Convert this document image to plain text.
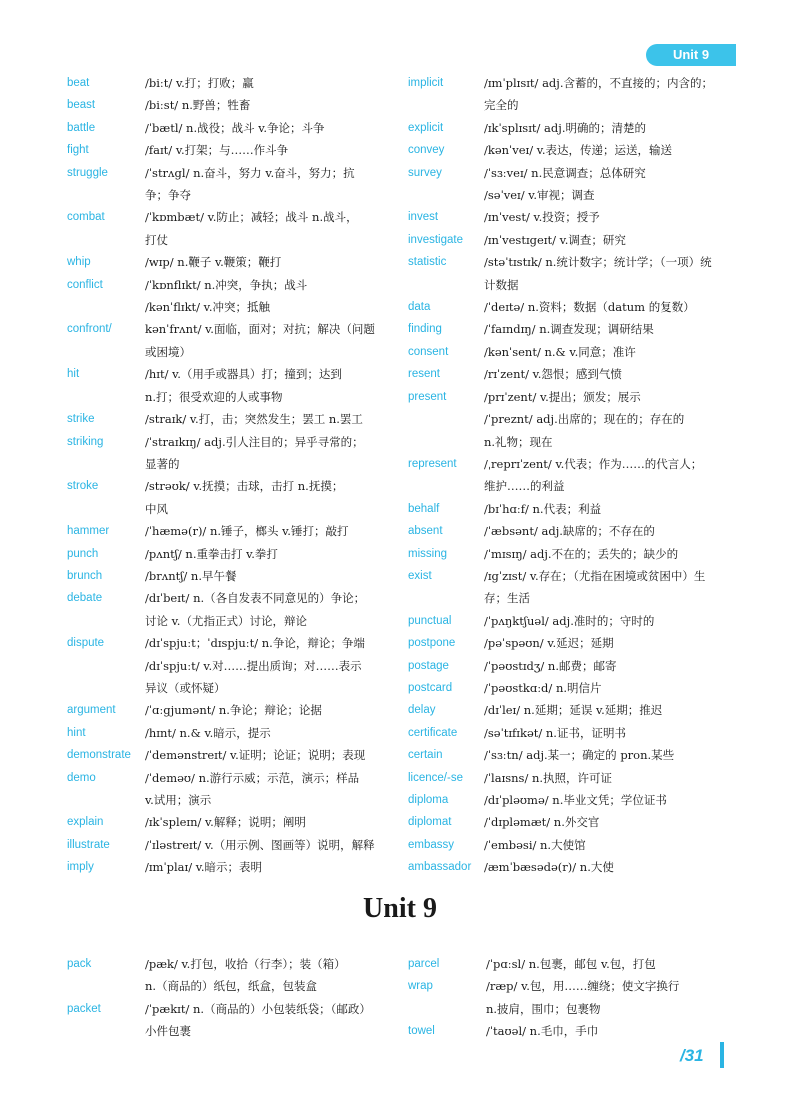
Unit 9
beat	/biːt/ v.打；打败；赢
beast	/biːst/ n.野兽；牲畜
battle	/ˈbætl/ n.战役；战斗 v.争论；斗争
fight	/faɪt/ v.打架；与……作斗争
struggle	/ˈstrʌgl/ n.奋斗，努力 v.奋斗，努力；抗
争；争夺
combat	/ˈkɒmbæt/ v.防止；减轻；战斗 n.战斗，
打仗
whip	/wɪp/ n.鞭子 v.鞭策；鞭打
conflict	/ˈkɒnflɪkt/ n.冲突，争执；战斗
/kənˈflɪkt/ v.冲突；抵触
confront/	kənˈfrʌnt/ v.面临，面对；对抗；解决（问题
或困境）
hit	/hɪt/ v.（用手或器具）打；撞到；达到
n.打；很受欢迎的人或事物
strike	/straɪk/ v.打，击；突然发生；罢工 n.罢工
striking	/ˈstraɪkɪŋ/ adj.引人注目的；异乎寻常的；
显著的
stroke	/strəʊk/ v.抚摸；击球，击打 n.抚摸；
中风
hammer	/ˈhæmə(r)/ n.锤子，榔头 v.锤打；敲打
punch	/pʌntʃ/ n.重拳击打 v.拳打
brunch	/brʌntʃ/ n.早午餐
debate	/dɪˈbeɪt/ n.（各自发表不同意见的）争论；
讨论 v.（尤指正式）讨论，辩论
dispute	/dɪˈspjuːt；ˈdɪspjuːt/ n.争论，辩论；争端
/dɪˈspjuːt/ v.对……提出质询；对……表示
异议（或怀疑）
argument	/ˈɑːgjumənt/ n.争论；辩论；论据
hint	/hɪnt/ n.& v.暗示，提示
demonstrate	/ˈdemənstreɪt/ v.证明；论证；说明；表现
demo	/ˈdeməʊ/ n.游行示威；示范，演示；样品
v.试用；演示
explain	/ɪkˈspleɪn/ v.解释；说明；阐明
illustrate	/ˈɪləstreɪt/ v.（用示例、图画等）说明，解释
imply	/ɪmˈplaɪ/ v.暗示；表明
implicit	/ɪmˈplɪsɪt/ adj.含蓄的，不直接的；内含的；
完全的
explicit	/ɪkˈsplɪsɪt/ adj.明确的；清楚的
convey	/kənˈveɪ/ v.表达，传递；运送，输送
survey	/ˈsɜːveɪ/ n.民意调查；总体研究
/səˈveɪ/ v.审视；调查
invest	/ɪnˈvest/ v.投资；授予
investigate	/ɪnˈvestɪgeɪt/ v.调查；研究
statistic	/stəˈtɪstɪk/ n.统计数字；统计学；（一项）统
计数据
data	/ˈdeɪtə/ n.资料；数据（datum 的复数）
finding	/ˈfaɪndɪŋ/ n.调查发现；调研结果
consent	/kənˈsent/ n.& v.同意；准许
resent	/rɪˈzent/ v.怨恨；感到气愤
present	/prɪˈzent/ v.提出；颁发；展示
/ˈpreznt/ adj.出席的；现在的；存在的
n.礼物；现在
represent	/ˌreprɪˈzent/ v.代表；作为……的代言人；
维护……的利益
behalf	/bɪˈhɑːf/ n.代表；利益
absent	/ˈæbsənt/ adj.缺席的；不存在的
missing	/ˈmɪsɪŋ/ adj.不在的；丢失的；缺少的
exist	/ɪgˈzɪst/ v.存在；（尤指在困境或贫困中）生
存；生活
punctual	/ˈpʌŋktʃuəl/ adj.准时的；守时的
postpone	/pəˈspəʊn/ v.延迟；延期
postage	/ˈpəʊstɪdʒ/ n.邮费；邮寄
postcard	/ˈpəʊstkɑːd/ n.明信片
delay	/dɪˈleɪ/ n.延期；延误 v.延期；推迟
certificate	/səˈtɪfɪkət/ n.证书，证明书
certain	/ˈsɜːtn/ adj.某一；确定的 pron.某些
licence/-se	/ˈlaɪsns/ n.执照，许可证
diploma	/dɪˈpləʊmə/ n.毕业文凭；学位证书
diplomat	/ˈdɪpləmæt/ n.外交官
embassy	/ˈembəsi/ n.大使馆
ambassador	/æmˈbæsədə(r)/ n.大使
Unit 9
pack	/pæk/ v.打包，收拾（行李）；装（箱）
n.（商品的）纸包，纸盒，包装盒
packet	/ˈpækɪt/ n.（商品的）小包装纸袋；（邮政）
小件包裹
parcel	/ˈpɑːsl/ n.包裹，邮包 v.包，打包
wrap	/ræp/ v.包，用……缠绕；使文字换行
n.披肩，围巾；包裹物
towel	/ˈtaʊəl/ n.毛巾，手巾
/31
